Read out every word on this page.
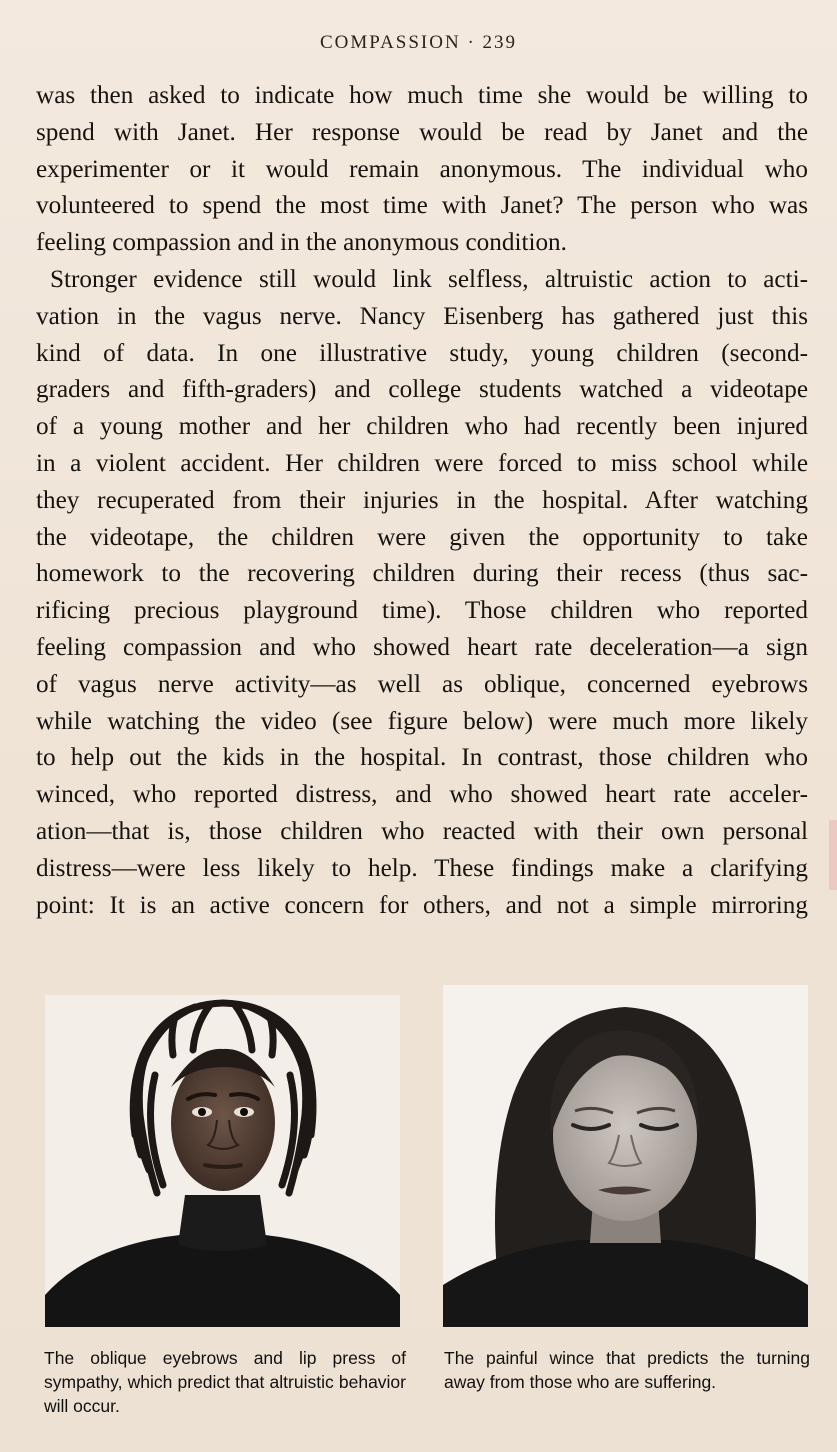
COMPASSION · 239
was then asked to indicate how much time she would be willing to
spend with Janet. Her response would be read by Janet and the
experimenter or it would remain anonymous. The individual who
volunteered to spend the most time with Janet? The person who was
feeling compassion and in the anonymous condition.
Stronger evidence still would link selfless, altruistic action to acti-
vation in the vagus nerve. Nancy Eisenberg has gathered just this
kind of data. In one illustrative study, young children (second-
graders and fifth-graders) and college students watched a videotape
of a young mother and her children who had recently been injured
in a violent accident. Her children were forced to miss school while
they recuperated from their injuries in the hospital. After watching
the videotape, the children were given the opportunity to take
homework to the recovering children during their recess (thus sac-
rificing precious playground time). Those children who reported
feeling compassion and who showed heart rate deceleration—a sign
of vagus nerve activity—as well as oblique, concerned eyebrows
while watching the video (see figure below) were much more likely
to help out the kids in the hospital. In contrast, those children who
winced, who reported distress, and who showed heart rate acceler-
ation—that is, those children who reacted with their own personal
distress—were less likely to help. These findings make a clarifying
point: It is an active concern for others, and not a simple mirroring
The oblique eyebrows and lip press of sympathy, which predict that altruistic behavior will occur.
The painful wince that predicts the turning away from those who are suffering.
